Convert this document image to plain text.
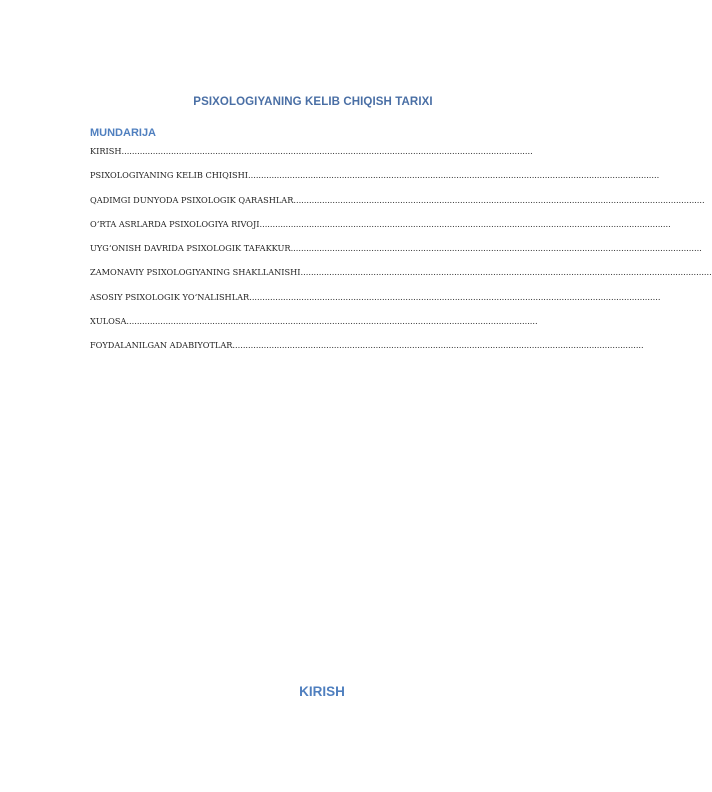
PSIXOLOGIYANING KELIB CHIQISH TARIXI
MUNDARIJA
KIRISH..............................................................................................................................................................
PSIXOLOGIYANING KELIB CHIQISHI..............................................................................................................................................................
QADIMGI DUNYODA PSIXOLOGIK QARASHLAR..............................................................................................................................................................
O‘RTA ASRLARDA PSIXOLOGIYA RIVOJI..............................................................................................................................................................
UYG‘ONISH DAVRIDA PSIXOLOGIK TAFAKKUR..............................................................................................................................................................
ZAMONAVIY PSIXOLOGIYANING SHAKLLANISHI..............................................................................................................................................................
ASOSIY PSIXOLOGIK YO‘NALISHLAR..............................................................................................................................................................
XULOSA..............................................................................................................................................................
FOYDALANILGAN ADABIYOTLAR..............................................................................................................................................................
KIRISH
